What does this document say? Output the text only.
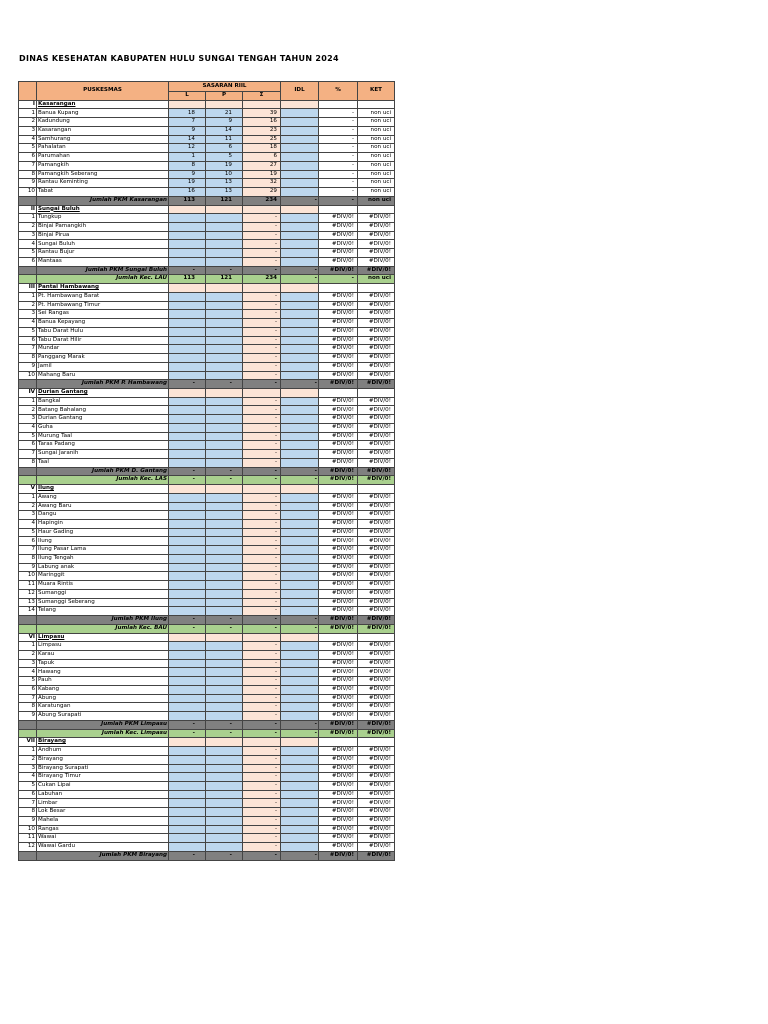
DINAS KESEHATAN KABUPATEN HULU SUNGAI TENGAH TAHUN 2024
	PUSKESMAS	SASARAN RIIL			IDL	%	KET
		L	P	Σ			
I	Kasarangan						
1	Banua Kupang	18	21	39		-	non uci
2	Kadundung	7	9	16		-	non uci
3	Kasarangan	9	14	23		-	non uci
4	Samhurang	14	11	25		-	non uci
5	Pahalatan	12	6	18		-	non uci
6	Parumahan	1	5	6		-	non uci
7	Pamangkih	8	19	27		-	non uci
8	Pamangkih Seberang	9	10	19		-	non uci
9	Rantau Keminting	19	13	32		-	non uci
10	Tabat	16	13	29		-	non uci
	Jumlah PKM Kasarangan	113	121	234	-	-	non uci
II	Sungai Buluh						
1	Tungkup			-		#DIV/0!	#DIV/0!
2	Binjai Pamangkih			-		#DIV/0!	#DIV/0!
3	Binjai Pirua			-		#DIV/0!	#DIV/0!
4	Sungai Buluh			-		#DIV/0!	#DIV/0!
5	Rantau Bujur			-		#DIV/0!	#DIV/0!
6	Mantaas			-		#DIV/0!	#DIV/0!
	Jumlah PKM Sungai Buluh	-	-	-	-	#DIV/0!	#DIV/0!
	Jumlah Kec. LAU	113	121	234	-	-	non uci
III	Pantai Hambawang						
1	Pt. Hambawang Barat			-		#DIV/0!	#DIV/0!
2	Pt. Hambawang Timur			-		#DIV/0!	#DIV/0!
3	Sei Rangas			-		#DIV/0!	#DIV/0!
4	Banua Kepayang			-		#DIV/0!	#DIV/0!
5	Tabu Darat Hulu			-		#DIV/0!	#DIV/0!
6	Tabu Darat Hilir			-		#DIV/0!	#DIV/0!
7	Mundar			-		#DIV/0!	#DIV/0!
8	Panggang Marak			-		#DIV/0!	#DIV/0!
9	Jamil			-		#DIV/0!	#DIV/0!
10	Mahang Baru			-		#DIV/0!	#DIV/0!
	Jumlah PKM P. Hambawang	-	-	-	-	#DIV/0!	#DIV/0!
IV	Durian Gantang						
1	Bangkal			-		#DIV/0!	#DIV/0!
2	Batang Bahalang			-		#DIV/0!	#DIV/0!
3	Durian Gantang			-		#DIV/0!	#DIV/0!
4	Guha			-		#DIV/0!	#DIV/0!
5	Murung Taal			-		#DIV/0!	#DIV/0!
6	Taras Padang			-		#DIV/0!	#DIV/0!
7	Sungai Jaranih			-		#DIV/0!	#DIV/0!
8	Taal			-		#DIV/0!	#DIV/0!
	Jumlah PKM D. Gantang	-	-	-	-	#DIV/0!	#DIV/0!
	Jumlah Kec. LAS	-	-	-	-	#DIV/0!	#DIV/0!
V	Ilung						
1	Awang			-		#DIV/0!	#DIV/0!
2	Awang Baru			-		#DIV/0!	#DIV/0!
3	Dangu			-		#DIV/0!	#DIV/0!
4	Hapingin			-		#DIV/0!	#DIV/0!
5	Haur Gading			-		#DIV/0!	#DIV/0!
6	Ilung			-		#DIV/0!	#DIV/0!
7	Ilung Pasar Lama			-		#DIV/0!	#DIV/0!
8	Ilung Tengah			-		#DIV/0!	#DIV/0!
9	Labung anak			-		#DIV/0!	#DIV/0!
10	Maringgit			-		#DIV/0!	#DIV/0!
11	Muara Rintis			-		#DIV/0!	#DIV/0!
12	Sumanggi			-		#DIV/0!	#DIV/0!
13	Sumanggi Seberang			-		#DIV/0!	#DIV/0!
14	Telang			-		#DIV/0!	#DIV/0!
	Jumlah PKM Ilung	-	-	-	-	#DIV/0!	#DIV/0!
	Jumlah Kec. BAU	-	-	-	-	#DIV/0!	#DIV/0!
VI	Limpasu						
1	Limpasu			-		#DIV/0!	#DIV/0!
2	Karau			-		#DIV/0!	#DIV/0!
3	Tapuk			-		#DIV/0!	#DIV/0!
4	Hawang			-		#DIV/0!	#DIV/0!
5	Pauh			-		#DIV/0!	#DIV/0!
6	Kabang			-		#DIV/0!	#DIV/0!
7	Abung			-		#DIV/0!	#DIV/0!
8	Karatungan			-		#DIV/0!	#DIV/0!
9	Abung Surapati			-		#DIV/0!	#DIV/0!
	Jumlah PKM Limpasu	-	-	-	-	#DIV/0!	#DIV/0!
	Jumlah Kec. Limpasu	-	-	-	-	#DIV/0!	#DIV/0!
VII	Birayang						
1	Andhum			-		#DIV/0!	#DIV/0!
2	Birayang			-		#DIV/0!	#DIV/0!
3	Birayang Surapati			-		#DIV/0!	#DIV/0!
4	Birayang Timur			-		#DIV/0!	#DIV/0!
5	Cukan Lipai			-		#DIV/0!	#DIV/0!
6	Labuhan			-		#DIV/0!	#DIV/0!
7	Limbar			-		#DIV/0!	#DIV/0!
8	Lok Besar			-		#DIV/0!	#DIV/0!
9	Mahela			-		#DIV/0!	#DIV/0!
10	Rangas			-		#DIV/0!	#DIV/0!
11	Wawai			-		#DIV/0!	#DIV/0!
12	Wawai Gardu			-		#DIV/0!	#DIV/0!
	Jumlah PKM Birayang	-	-	-	-	#DIV/0!	#DIV/0!
